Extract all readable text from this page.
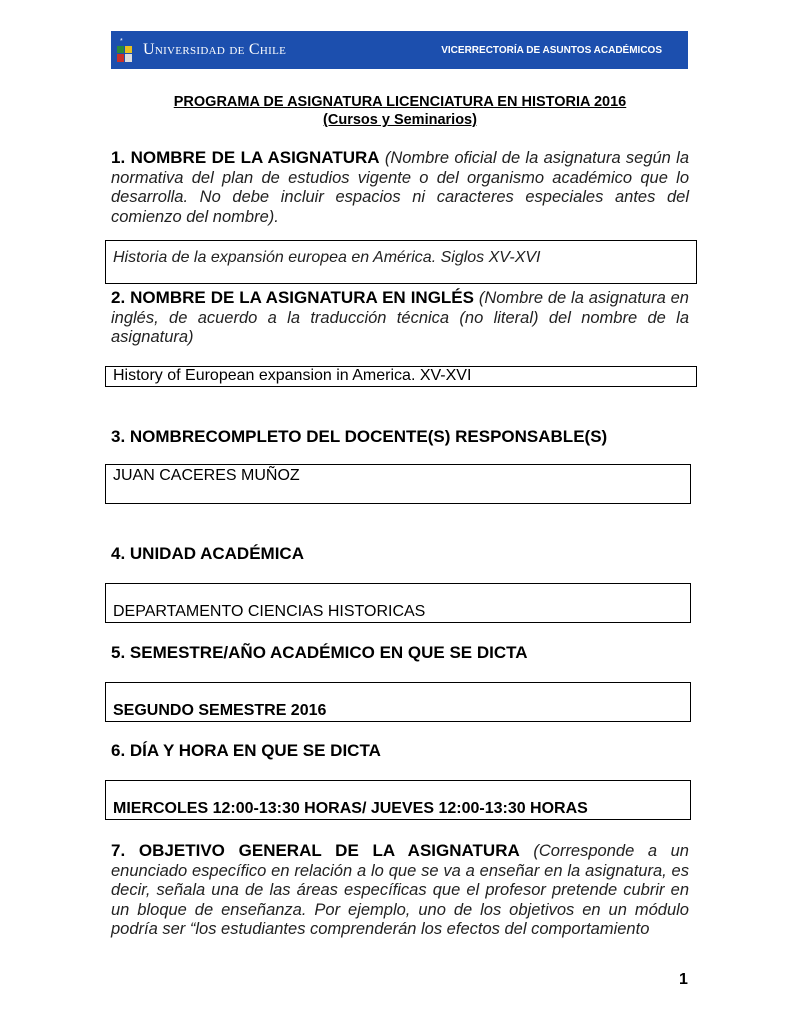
* Universidad de Chile	VICERRECTORÍA DE ASUNTOS ACADÉMICOS
PROGRAMA DE ASIGNATURA LICENCIATURA EN HISTORIA 2016
(Cursos y Seminarios)
1. NOMBRE DE LA ASIGNATURA (Nombre oficial de la asignatura según la normativa del plan de estudios vigente o del organismo académico que lo desarrolla. No debe incluir espacios ni caracteres especiales antes del comienzo del nombre).
Historia de la expansión europea en América. Siglos XV-XVI
2. NOMBRE DE LA ASIGNATURA EN INGLÉS (Nombre de la asignatura en inglés, de acuerdo a la traducción técnica (no literal) del nombre de la asignatura)
History of European expansion in America. XV-XVI
3. NOMBRECOMPLETO DEL DOCENTE(S) RESPONSABLE(S)
JUAN CACERES MUÑOZ
4. UNIDAD ACADÉMICA
DEPARTAMENTO CIENCIAS HISTORICAS
5. SEMESTRE/AÑO ACADÉMICO EN QUE SE DICTA
SEGUNDO SEMESTRE 2016
6. DÍA Y HORA EN QUE SE DICTA
MIERCOLES 12:00-13:30 HORAS/ JUEVES 12:00-13:30 HORAS
7. OBJETIVO GENERAL DE LA ASIGNATURA (Corresponde a un enunciado específico en relación a lo que se va a enseñar en la asignatura, es decir, señala una de las áreas específicas que el profesor pretende cubrir en un bloque de enseñanza. Por ejemplo, uno de los objetivos en un módulo podría ser “los estudiantes comprenderán los efectos del comportamiento
1
